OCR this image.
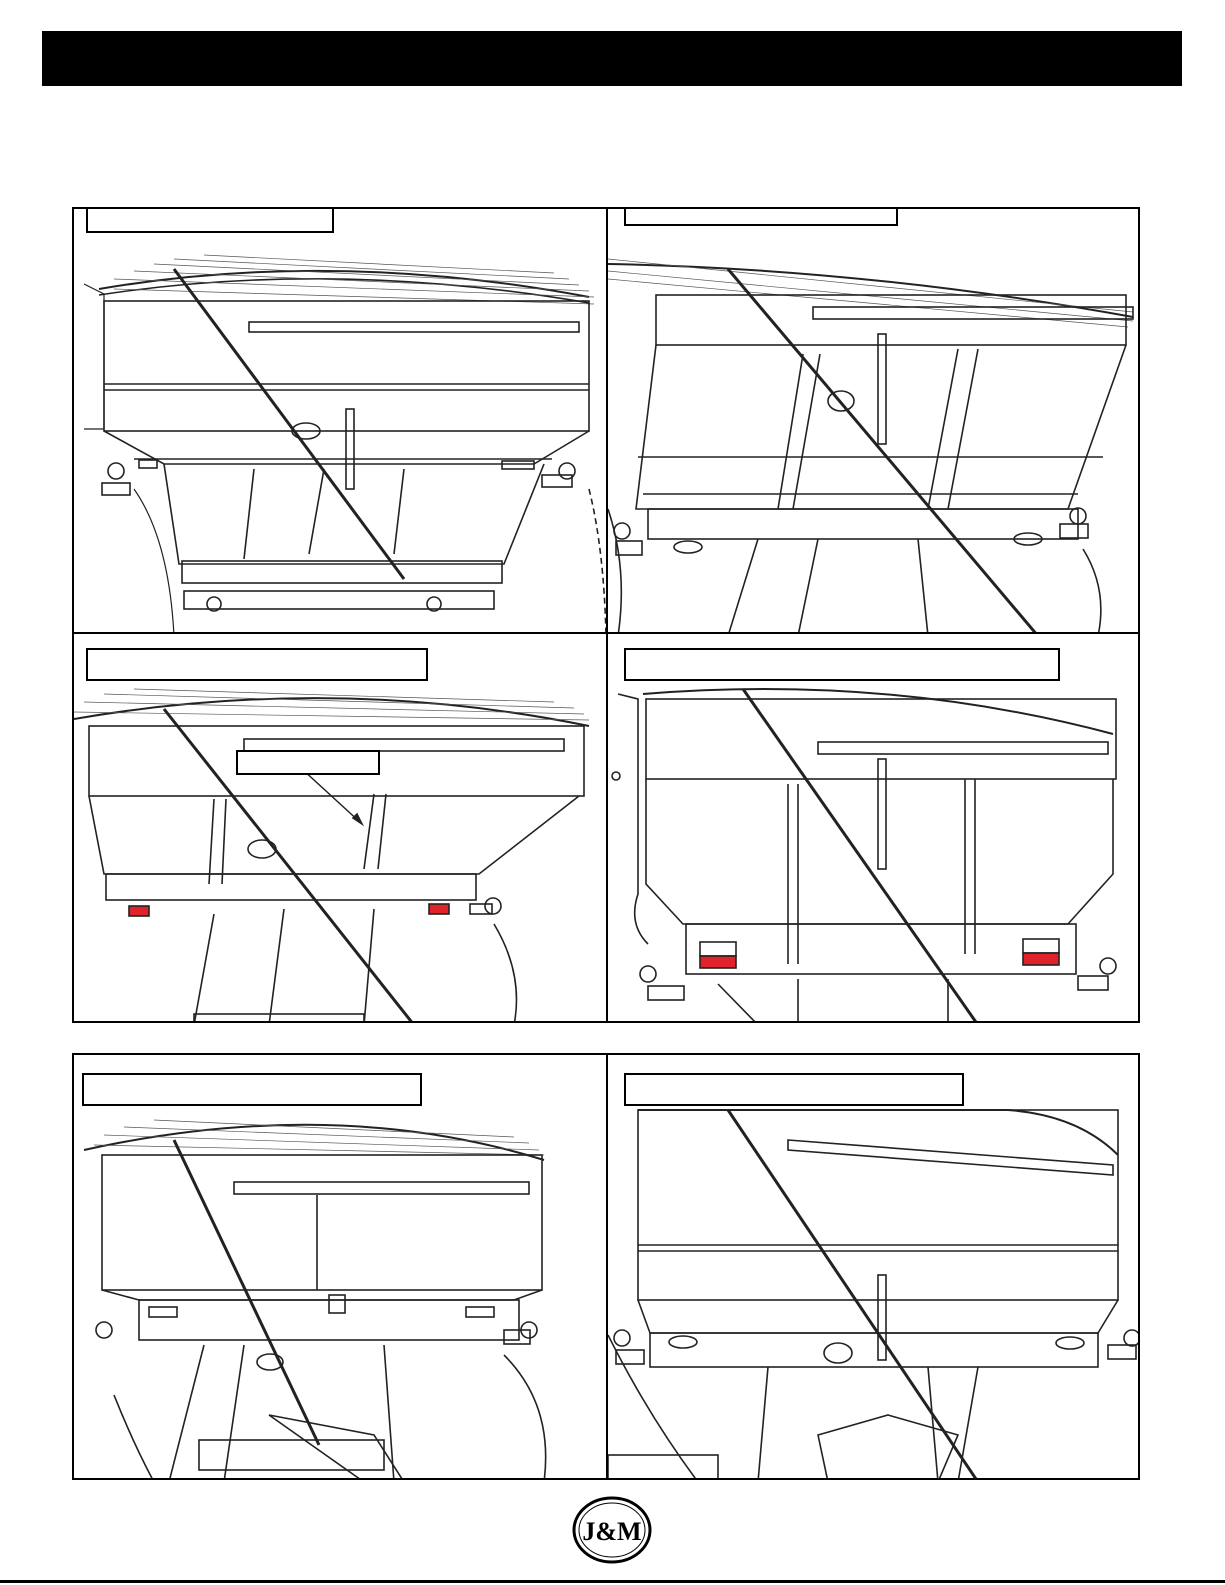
J&M
